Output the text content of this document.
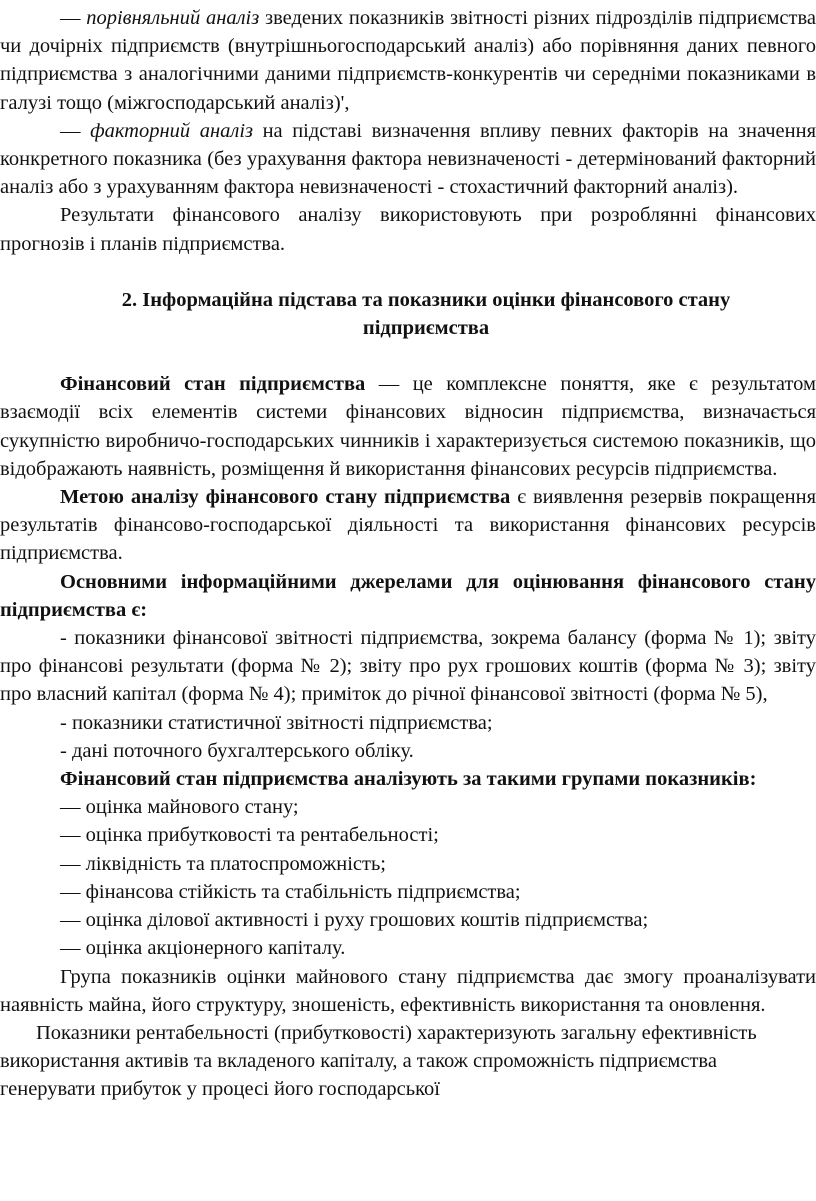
— порівняльний аналіз зведених показників звітності різних підрозділів підприємства чи дочірніх підприємств (внутрішньогосподарський аналіз) або порівняння даних певного підприємства з аналогічними даними підприємств-конкурентів чи середніми показниками в галузі тощо (міжгосподарський аналіз)',

— факторний аналіз на підставі визначення впливу певних факторів на значення конкретного показника (без урахування фактора невизначеності - детермінований факторний аналіз або з урахуванням фактора невизначеності - стохастичний факторний аналіз).

Результати фінансового аналізу використовують при розроблянні фінансових прогнозів і планів підприємства.

2. Інформаційна підстава та показники оцінки фінансового стану підприємства

Фінансовий стан підприємства — це комплексне поняття, яке є результатом взаємодії всіх елементів системи фінансових відносин підприємства, визначається сукупністю виробничо-господарських чинників і характеризується системою показників, що відображають наявність, розміщення й використання фінансових ресурсів підприємства.

Метою аналізу фінансового стану підприємства є виявлення резервів покращення результатів фінансово-господарської діяльності та використання фінансових ресурсів підприємства.

Основними інформаційними джерелами для оцінювання фінансового стану підприємства є:

- показники фінансової звітності підприємства, зокрема балансу (форма № 1); звіту про фінансові результати (форма № 2); звіту про рух грошових коштів (форма № 3); звіту про власний капітал (форма № 4); приміток до річної фінансової звітності (форма № 5),

- показники статистичної звітності підприємства;

- дані поточного бухгалтерського обліку.

Фінансовий стан підприємства аналізують за такими групами показників:

— оцінка майнового стану;

— оцінка прибутковості та рентабельності;

— ліквідність та платоспроможність;

— фінансова стійкість та стабільність підприємства;

— оцінка ділової активності і руху грошових коштів підприємства;

— оцінка акціонерного капіталу.

Група показників оцінки майнового стану підприємства дає змогу проаналізувати наявність майна, його структуру, зношеність, ефективність використання та оновлення.

Показники рентабельності (прибутковості) характеризують загальну ефективність використання активів та вкладеного капіталу, а також спроможність підприємства генерувати прибуток у процесі його господарської
